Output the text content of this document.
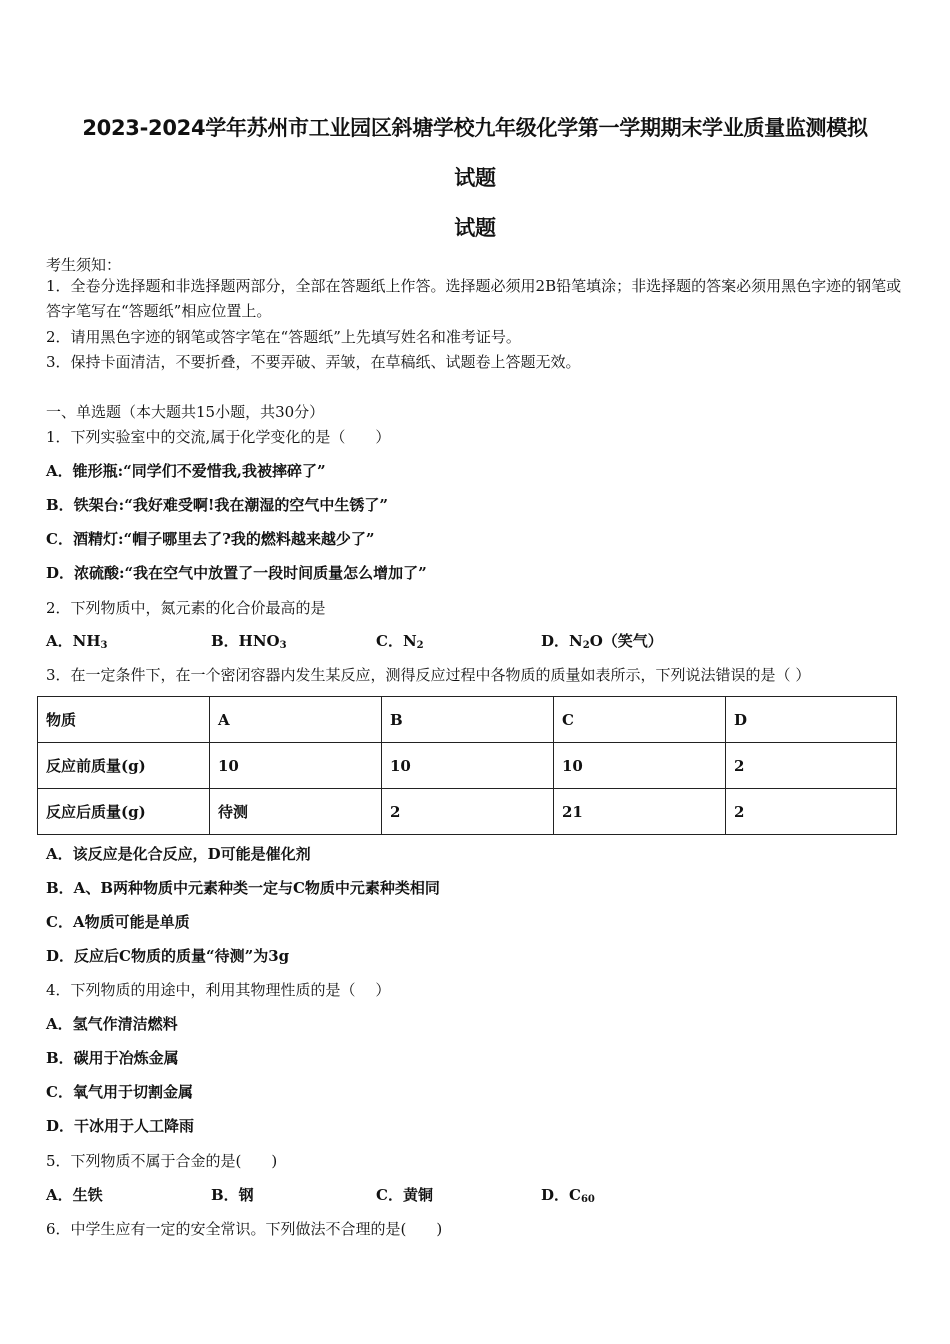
2023-2024学年苏州市工业园区斜塘学校九年级化学第一学期期末学业质量监测模拟
试题
试题
考生须知：
1．全卷分选择题和非选择题两部分，全部在答题纸上作答。选择题必须用2B铅笔填涂；非选择题的答案必须用黑色字迹的钢笔或答字笔写在“答题纸”相应位置上。
2．请用黑色字迹的钢笔或答字笔在“答题纸”上先填写姓名和准考证号。
3．保持卡面清洁，不要折叠，不要弄破、弄皱，在草稿纸、试题卷上答题无效。
一、单选题（本大题共15小题，共30分）
1．下列实验室中的交流,属于化学变化的是（　　）
A．锥形瓶:“同学们不爱惜我,我被摔碎了”
B．铁架台:“我好难受啊!我在潮湿的空气中生锈了”
C．酒精灯:“帽子哪里去了?我的燃料越来越少了”
D．浓硫酸:“我在空气中放置了一段时间质量怎么增加了”
2．下列物质中，氮元素的化合价最高的是
A．$NH_3$	B．$HNO_3$	C．$N_2$	D．$N_2O$（笑气）
3．在一定条件下，在一个密闭容器内发生某反应，测得反应过程中各物质的质量如表所示，下列说法错误的是（ ）
物质	A	B	C	D
反应前质量(g)	10	10	10	2
反应后质量(g)	待测	2	21	2
A．该反应是化合反应，D可能是催化剂
B．A、B两种物质中元素种类一定与C物质中元素种类相同
C．A物质可能是单质
D．反应后C物质的质量“待测”为3g
4．下列物质的用途中，利用其物理性质的是（　 ）
A．氢气作清洁燃料
B．碳用于冶炼金属
C．氧气用于切割金属
D．干冰用于人工降雨
5．下列物质不属于合金的是(　　)
A．生铁	B．钢	C．黄铜	D．$C_{60}$
6．中学生应有一定的安全常识。下列做法不合理的是(　　)
